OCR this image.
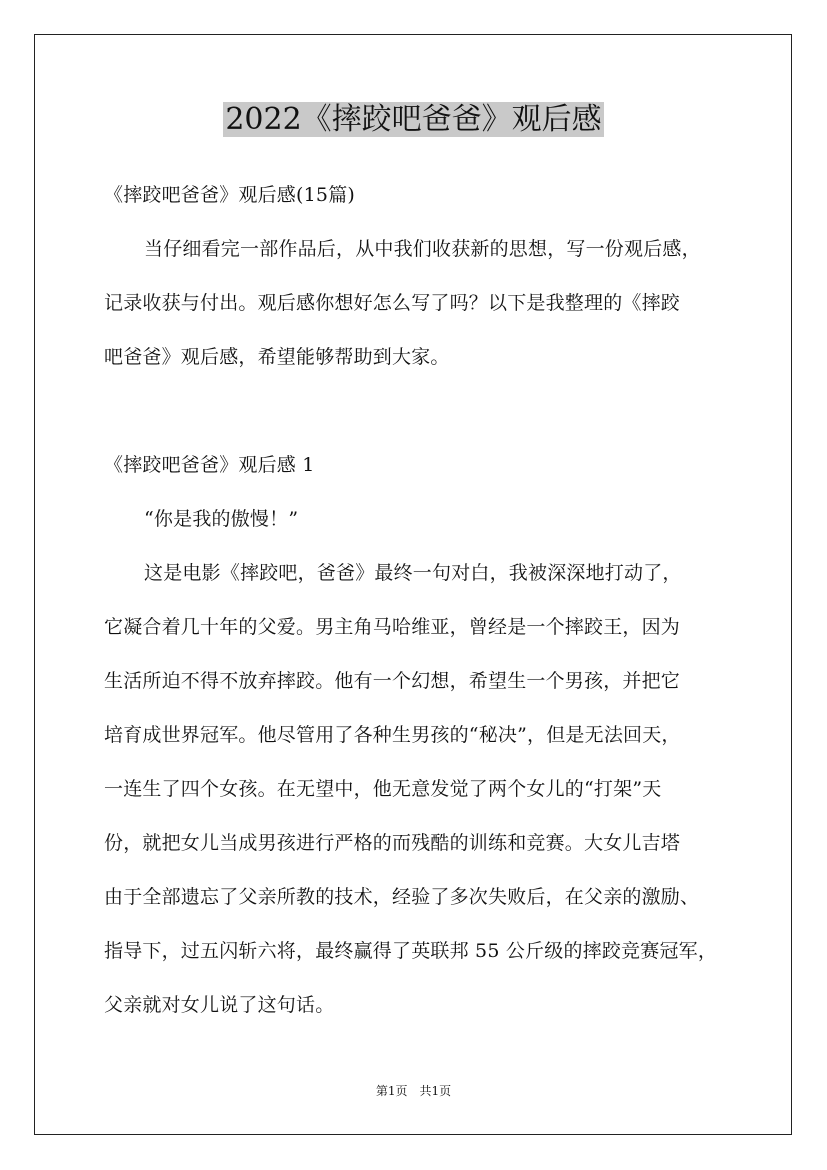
2022《摔跤吧爸爸》观后感
《摔跤吧爸爸》观后感(15篇)
当仔细看完一部作品后，从中我们收获新的思想，写一份观后感，
记录收获与付出。观后感你想好怎么写了吗？以下是我整理的《摔跤
吧爸爸》观后感，希望能够帮助到大家。
《摔跤吧爸爸》观后感 1
“你是我的傲慢！”
这是电影《摔跤吧，爸爸》最终一句对白，我被深深地打动了，
它凝合着几十年的父爱。男主角马哈维亚，曾经是一个摔跤王，因为
生活所迫不得不放弃摔跤。他有一个幻想，希望生一个男孩，并把它
培育成世界冠军。他尽管用了各种生男孩的“秘决”，但是无法回天，
一连生了四个女孩。在无望中，他无意发觉了两个女儿的“打架”天
份，就把女儿当成男孩进行严格的而残酷的训练和竞赛。大女儿吉塔
由于全部遗忘了父亲所教的技术，经验了多次失败后，在父亲的激励、
指导下，过五闪斩六将，最终赢得了英联邦 55 公斤级的摔跤竞赛冠军，
父亲就对女儿说了这句话。
第1页　共1页
